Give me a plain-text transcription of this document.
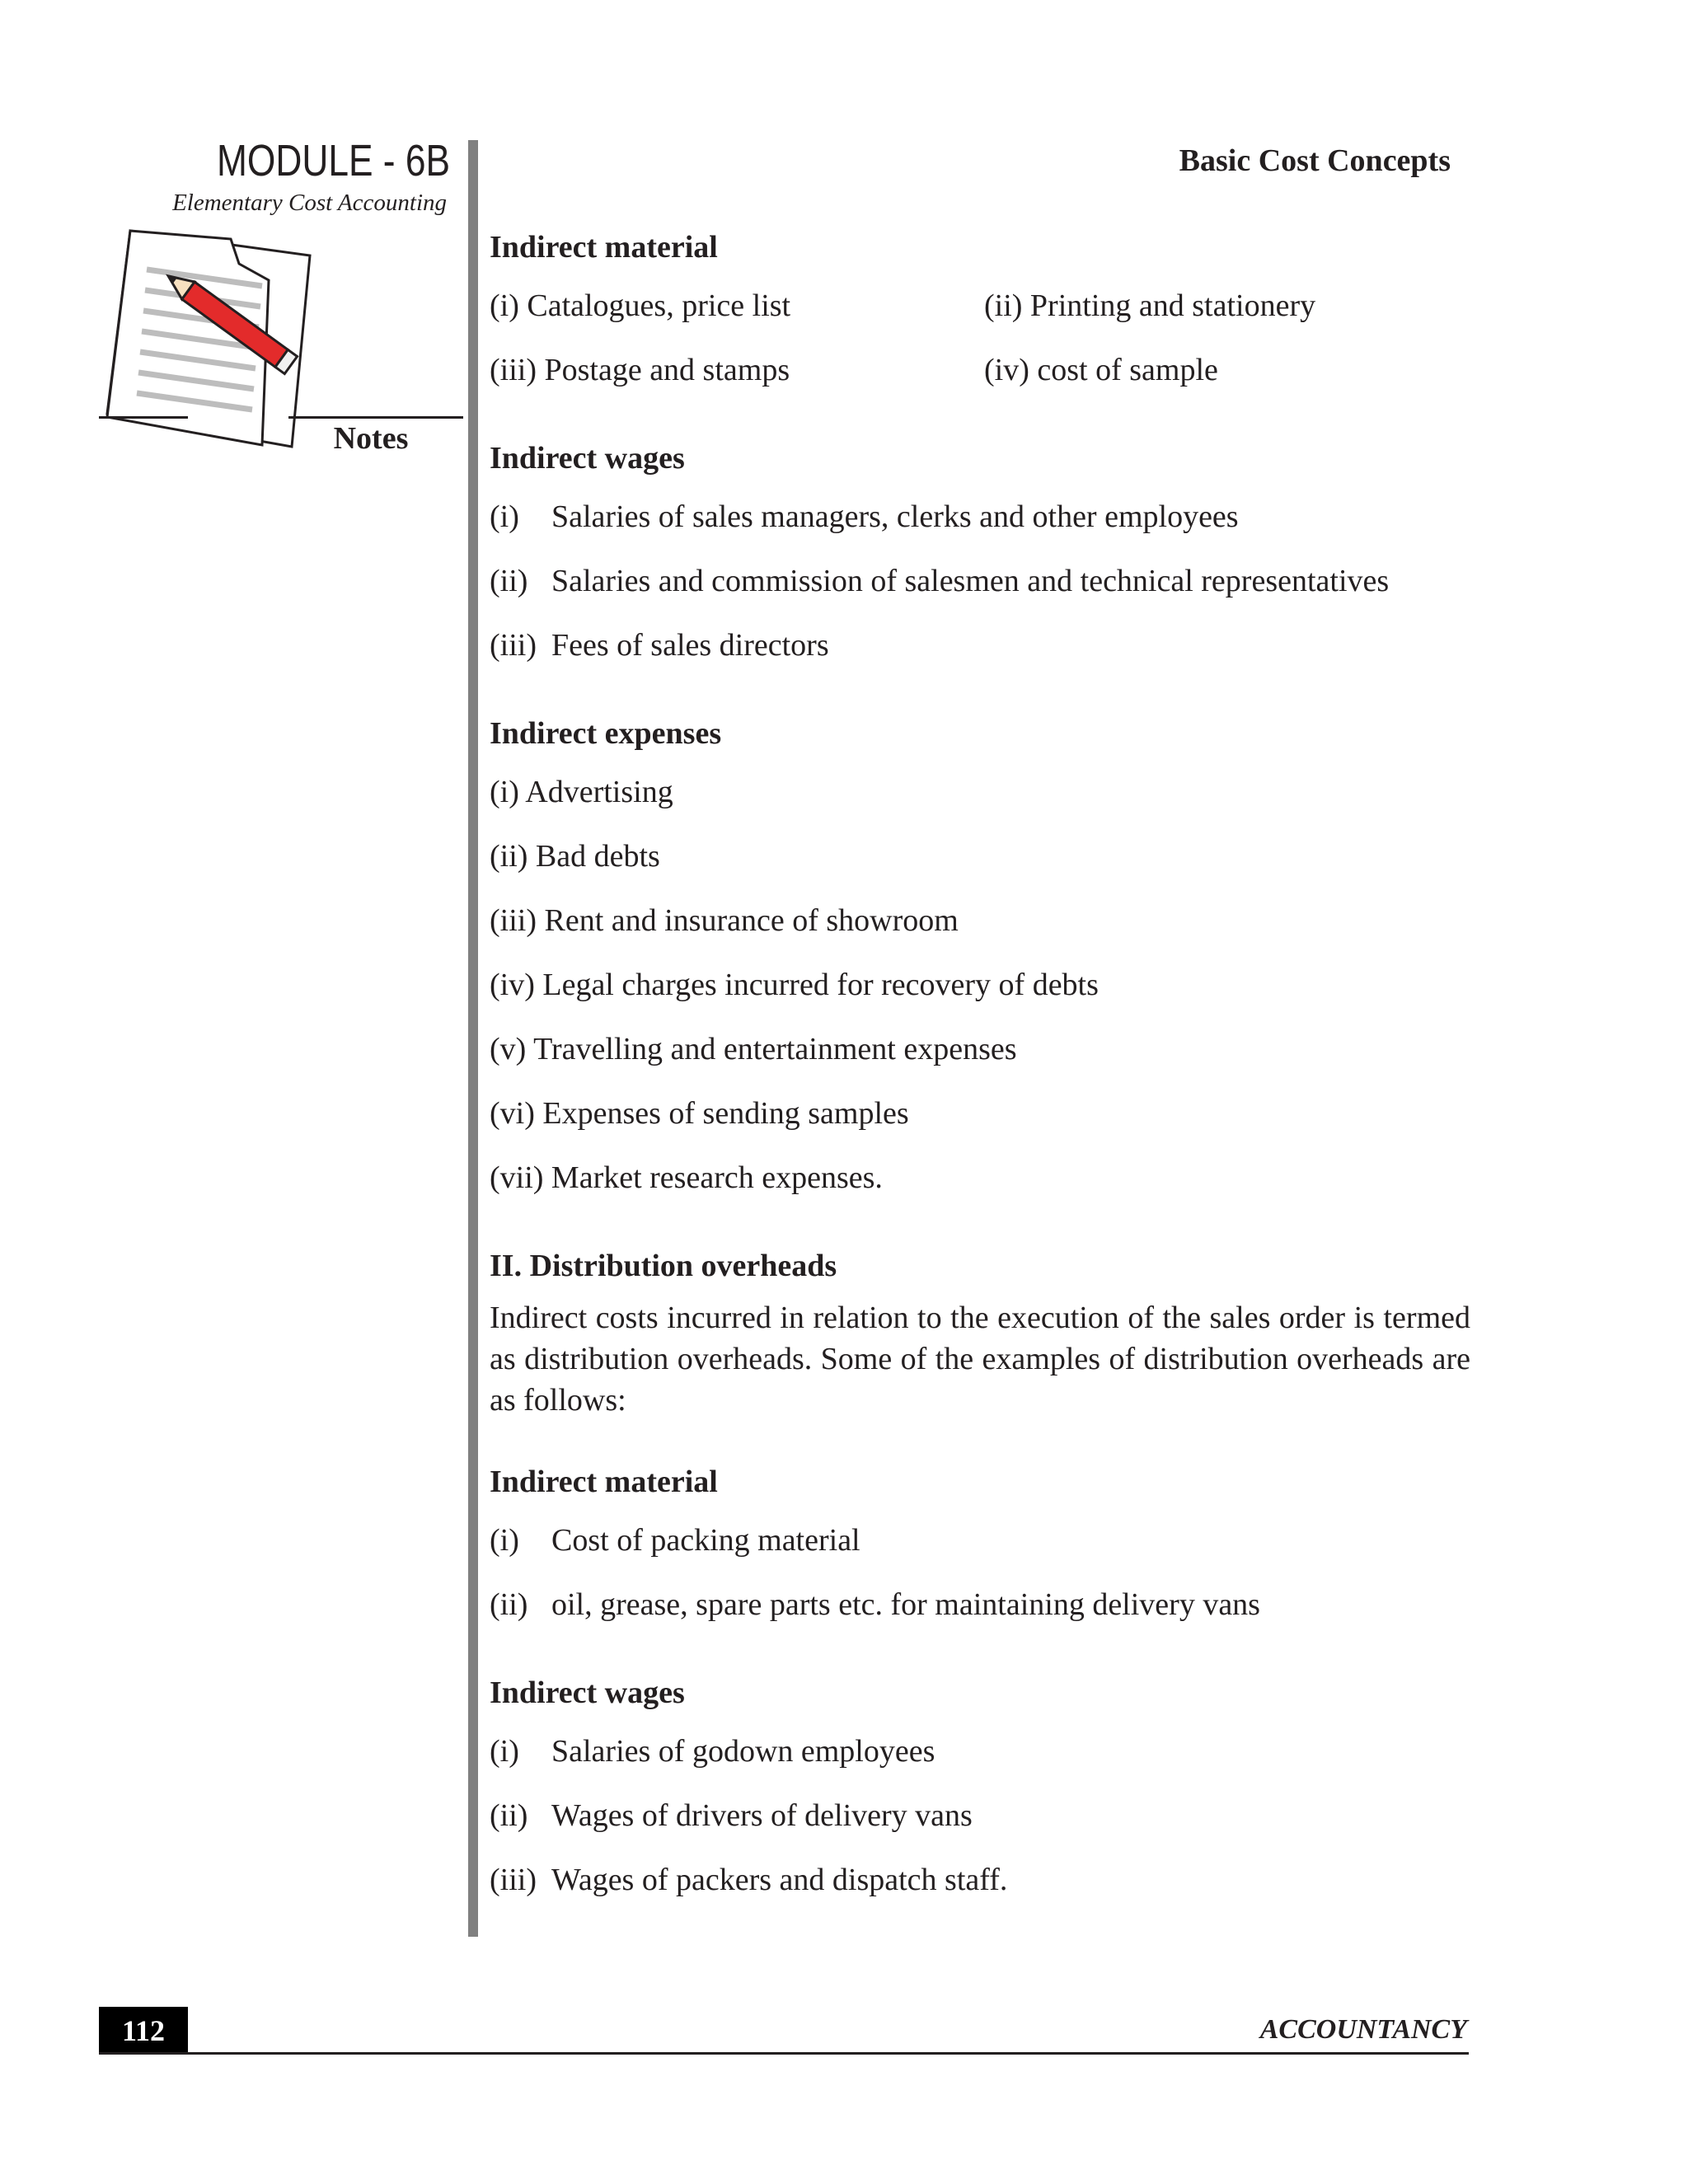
MODULE - 6B
Elementary Cost Accounting
Notes
Basic Cost Concepts
Indirect material
(i) Catalogues, price list	(ii) Printing and stationery
(iii) Postage and stamps	(iv) cost of sample
Indirect wages
(i)	Salaries of sales managers, clerks and other employees
(ii) Salaries and commission of salesmen and technical representatives
(iii) Fees of sales directors
Indirect expenses
(i) Advertising
(ii) Bad debts
(iii) Rent and insurance of showroom
(iv) Legal charges incurred for recovery of debts
(v) Travelling and entertainment expenses
(vi) Expenses of sending samples
(vii) Market research expenses.
II. Distribution overheads

Indirect costs incurred in relation to the execution of the sales order is termed as distribution overheads. Some of the examples of distribution overheads are as follows:

Indirect material
(i)	Cost of packing material
(ii) oil, grease, spare parts etc. for maintaining delivery vans
Indirect wages
(i)	Salaries of godown employees
(ii) Wages of drivers of delivery vans
(iii) Wages of packers and dispatch staff.
112	ACCOUNTANCY
